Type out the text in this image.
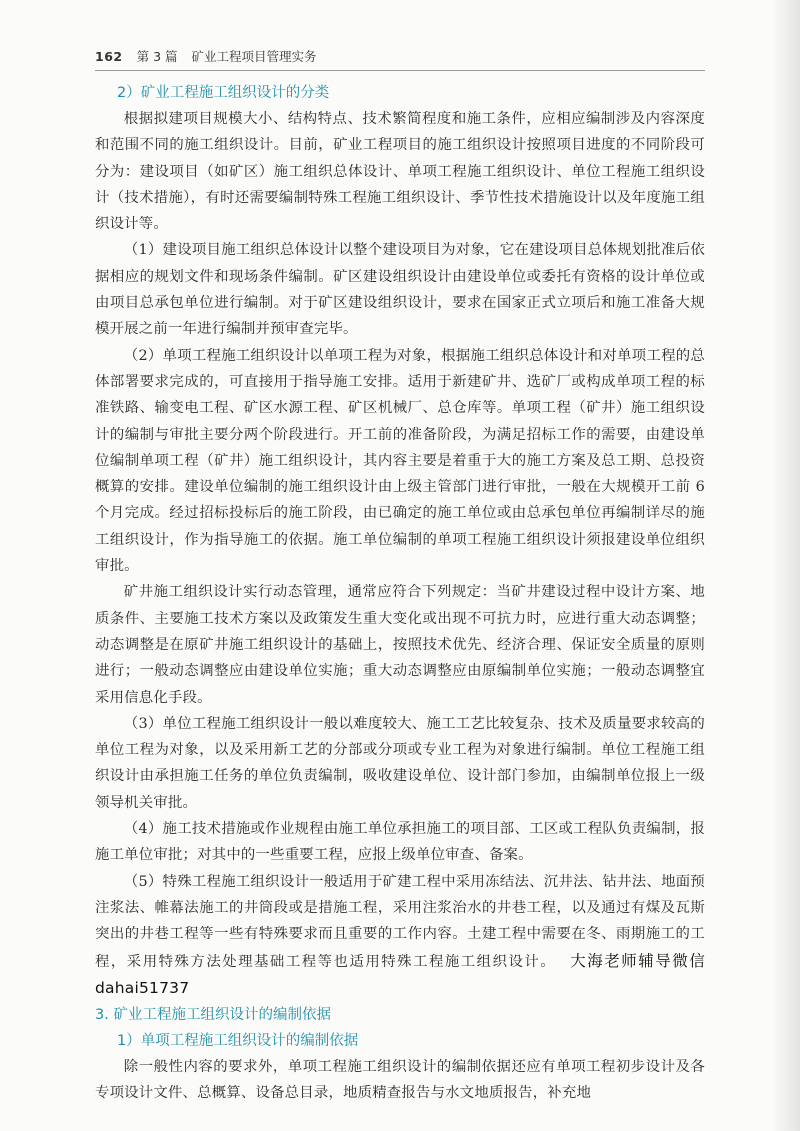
162 第 3 篇 矿业工程项目管理实务
2）矿业工程施工组织设计的分类

根据拟建项目规模大小、结构特点、技术繁简程度和施工条件，应相应编制涉及内容深度和范围不同的施工组织设计。目前，矿业工程项目的施工组织设计按照项目进度的不同阶段可分为：建设项目（如矿区）施工组织总体设计、单项工程施工组织设计、单位工程施工组织设计（技术措施），有时还需要编制特殊工程施工组织设计、季节性技术措施设计以及年度施工组织设计等。

（1）建设项目施工组织总体设计以整个建设项目为对象，它在建设项目总体规划批准后依据相应的规划文件和现场条件编制。矿区建设组织设计由建设单位或委托有资格的设计单位或由项目总承包单位进行编制。对于矿区建设组织设计，要求在国家正式立项后和施工准备大规模开展之前一年进行编制并预审查完毕。

（2）单项工程施工组织设计以单项工程为对象，根据施工组织总体设计和对单项工程的总体部署要求完成的，可直接用于指导施工安排。适用于新建矿井、选矿厂或构成单项工程的标准铁路、输变电工程、矿区水源工程、矿区机械厂、总仓库等。单项工程（矿井）施工组织设计的编制与审批主要分两个阶段进行。开工前的准备阶段，为满足招标工作的需要，由建设单位编制单项工程（矿井）施工组织设计，其内容主要是着重于大的施工方案及总工期、总投资概算的安排。建设单位编制的施工组织设计由上级主管部门进行审批，一般在大规模开工前 6 个月完成。经过招标投标后的施工阶段，由已确定的施工单位或由总承包单位再编制详尽的施工组织设计，作为指导施工的依据。施工单位编制的单项工程施工组织设计须报建设单位组织审批。

矿井施工组织设计实行动态管理，通常应符合下列规定：当矿井建设过程中设计方案、地质条件、主要施工技术方案以及政策发生重大变化或出现不可抗力时，应进行重大动态调整；动态调整是在原矿井施工组织设计的基础上，按照技术优先、经济合理、保证安全质量的原则进行；一般动态调整应由建设单位实施；重大动态调整应由原编制单位实施；一般动态调整宜采用信息化手段。

（3）单位工程施工组织设计一般以难度较大、施工工艺比较复杂、技术及质量要求较高的单位工程为对象，以及采用新工艺的分部或分项或专业工程为对象进行编制。单位工程施工组织设计由承担施工任务的单位负责编制，吸收建设单位、设计部门参加，由编制单位报上一级领导机关审批。

（4）施工技术措施或作业规程由施工单位承担施工的项目部、工区或工程队负责编制，报施工单位审批；对其中的一些重要工程，应报上级单位审查、备案。

（5）特殊工程施工组织设计一般适用于矿建工程中采用冻结法、沉井法、钻井法、地面预注浆法、帷幕法施工的井筒段或是措施工程，采用注浆治水的井巷工程，以及通过有煤及瓦斯突出的井巷工程等一些有特殊要求而且重要的工作内容。土建工程中需要在冬、雨期施工的工程，采用特殊方法处理基础工程等也适用特殊工程施工组织设计。 大海老师辅导微信dahai51737

3. 矿业工程施工组织设计的编制依据
1）单项工程施工组织设计的编制依据

除一般性内容的要求外，单项工程施工组织设计的编制依据还应有单项工程初步设计及各专项设计文件、总概算、设备总目录，地质精查报告与水文地质报告，补充地
